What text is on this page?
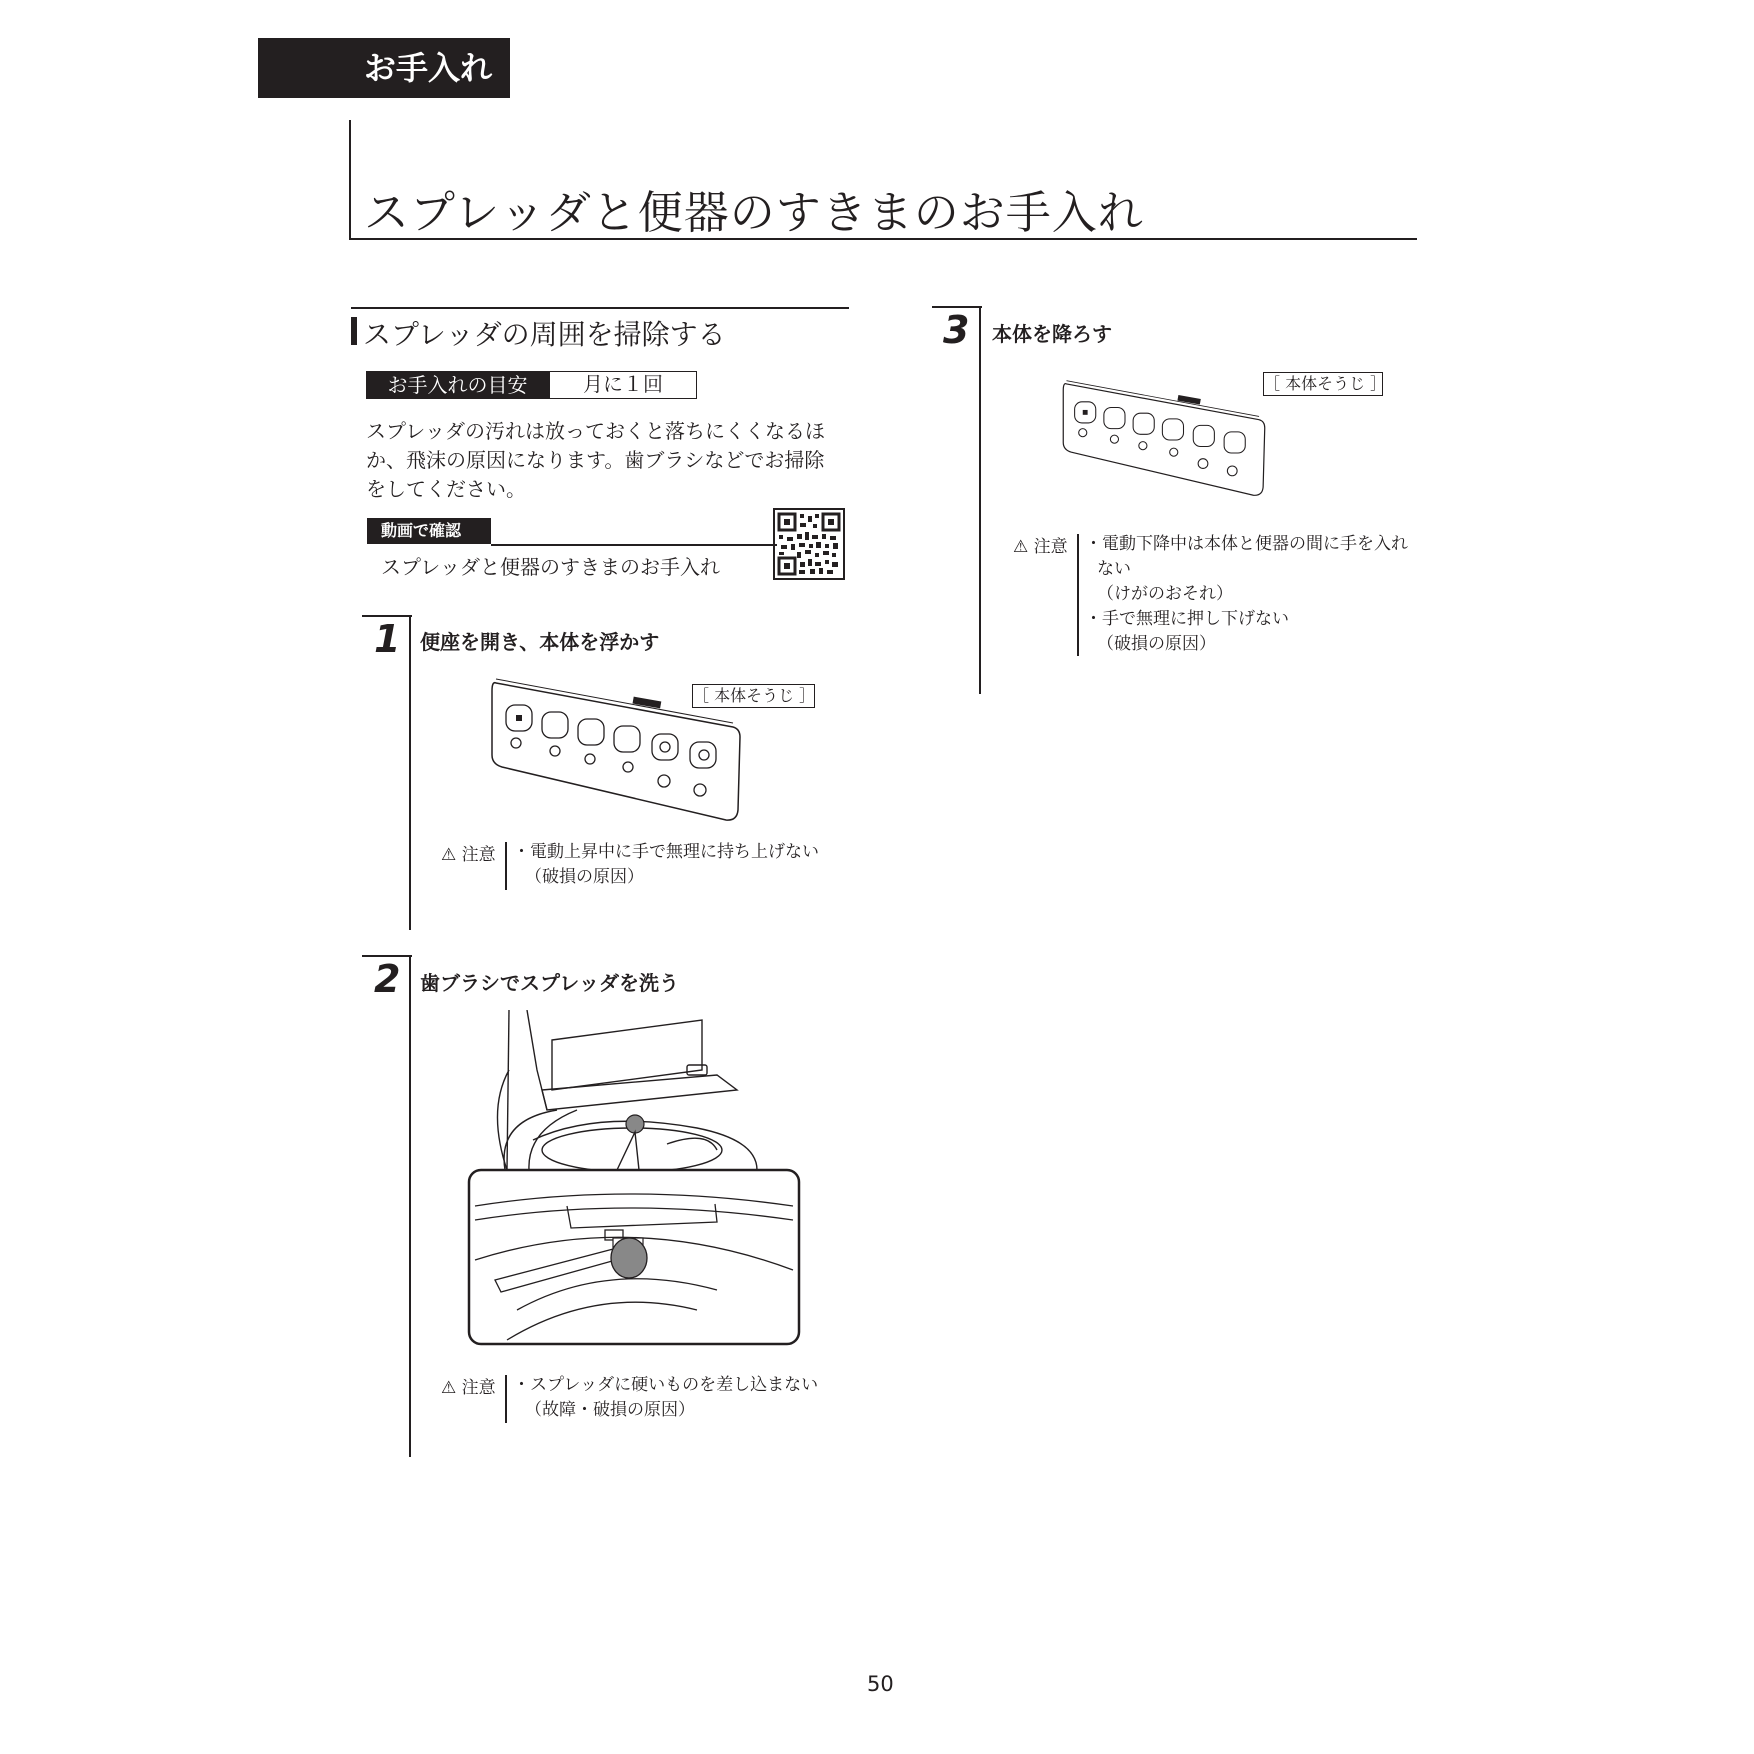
お手入れ
スプレッダと便器のすきまのお手入れ
スプレッダの周囲を掃除する
お手入れの目安	月に１回
スプレッダの汚れは放っておくと落ちにくくなるほ
か、飛沫の原因になります。歯ブラシなどでお掃除
をしてください。
動画で確認
スプレッダと便器のすきまのお手入れ
1 便座を開き、本体を浮かす
［ 本体そうじ ］
⚠ 注意 ・電動上昇中に手で無理に持ち上げない
（破損の原因）
2 歯ブラシでスプレッダを洗う
⚠ 注意 ・スプレッダに硬いものを差し込まない
（故障・破損の原因）
3 本体を降ろす
［ 本体そうじ ］
⚠ 注意 ・電動下降中は本体と便器の間に手を入れ
ない
（けがのおそれ）
・手で無理に押し下げない
（破損の原因）
50
